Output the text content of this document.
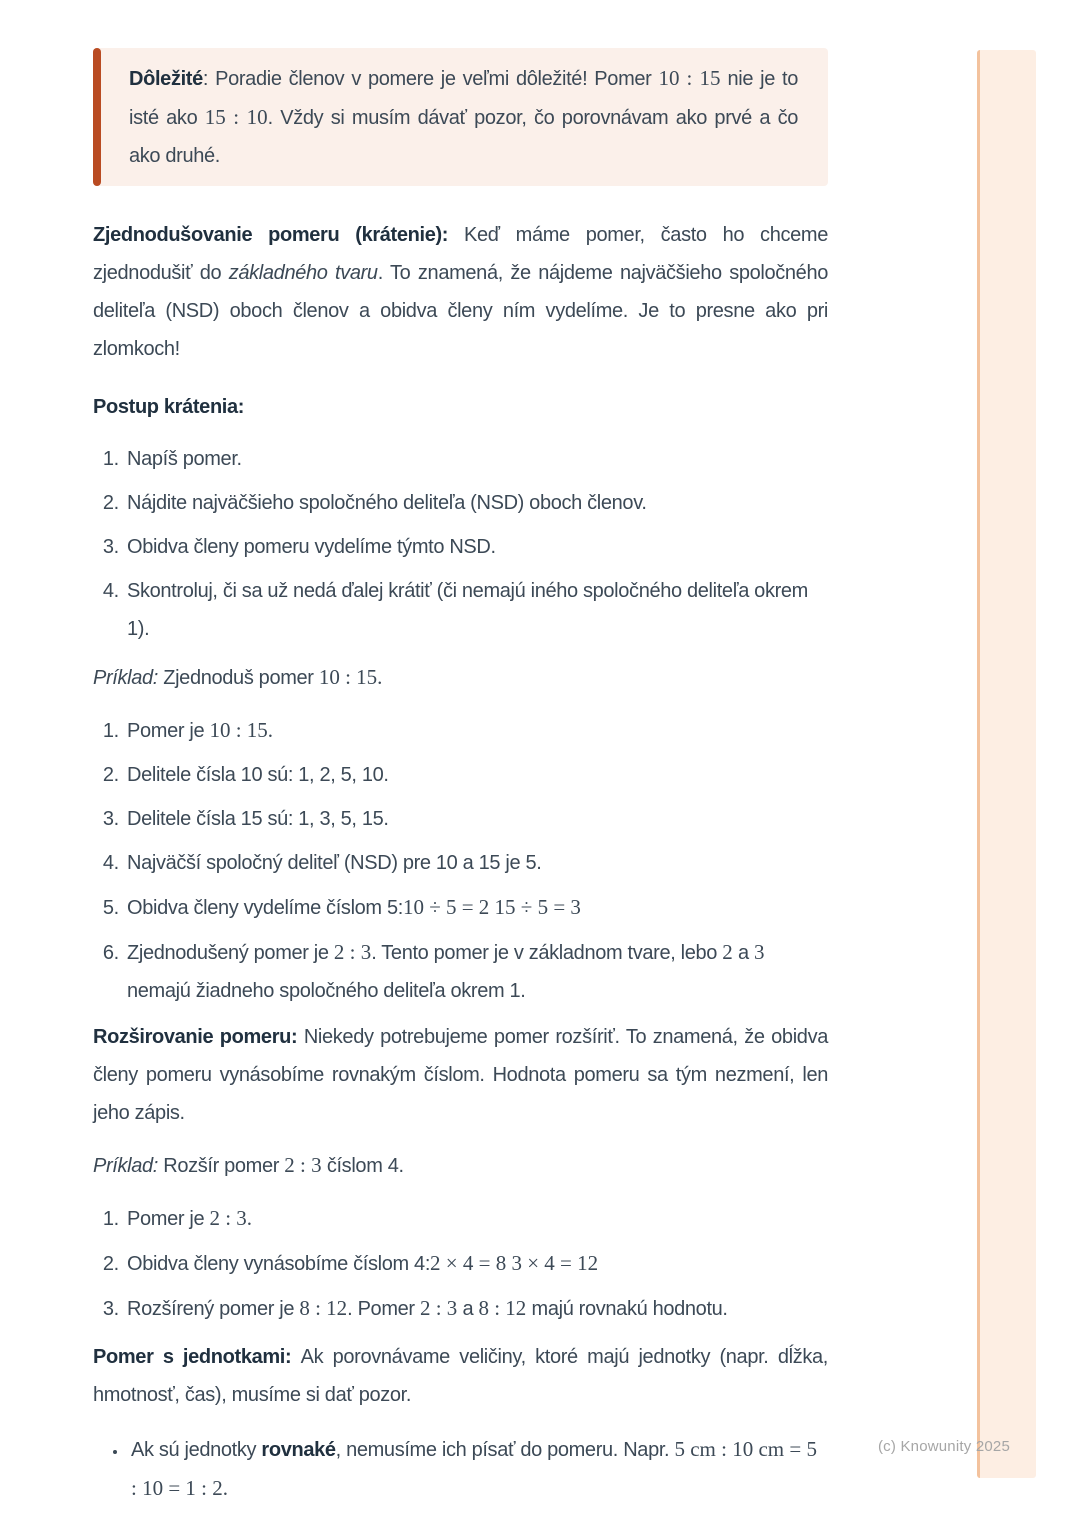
(c) Knowunity 2025
Dôležité: Poradie členov v pomere je veľmi dôležité! Pomer 10 : 15 nie je to isté ako 15 : 10. Vždy si musím dávať pozor, čo porovnávam ako prvé a čo ako druhé.
Zjednodušovanie pomeru (krátenie): Keď máme pomer, často ho chceme zjednodušiť do základného tvaru. To znamená, že nájdeme najväčšieho spoločného deliteľa (NSD) oboch členov a obidva členy ním vydelíme. Je to presne ako pri zlomkoch!
Postup krátenia:
1. Napíš pomer.
2. Nájdite najväčšieho spoločného deliteľa (NSD) oboch členov.
3. Obidva členy pomeru vydelíme týmto NSD.
4. Skontroluj, či sa už nedá ďalej krátiť (či nemajú iného spoločného deliteľa okrem 1).
Príklad: Zjednoduš pomer 10 : 15.
1. Pomer je 10 : 15.
2. Delitele čísla 10 sú: 1, 2, 5, 10.
3. Delitele čísla 15 sú: 1, 3, 5, 15.
4. Najväčší spoločný deliteľ (NSD) pre 10 a 15 je 5.
5. Obidva členy vydelíme číslom 5:10 ÷ 5 = 2 15 ÷ 5 = 3
6. Zjednodušený pomer je 2 : 3. Tento pomer je v základnom tvare, lebo 2 a 3 nemajú žiadneho spoločného deliteľa okrem 1.
Rozširovanie pomeru: Niekedy potrebujeme pomer rozšíriť. To znamená, že obidva členy pomeru vynásobíme rovnakým číslom. Hodnota pomeru sa tým nezmení, len jeho zápis.
Príklad: Rozšír pomer 2 : 3 číslom 4.
1. Pomer je 2 : 3.
2. Obidva členy vynásobíme číslom 4:2 × 4 = 8 3 × 4 = 12
3. Rozšírený pomer je 8 : 12. Pomer 2 : 3 a 8 : 12 majú rovnakú hodnotu.
Pomer s jednotkami: Ak porovnávame veličiny, ktoré majú jednotky (napr. dĺžka, hmotnosť, čas), musíme si dať pozor.
• Ak sú jednotky rovnaké, nemusíme ich písať do pomeru. Napr. 5 cm : 10 cm = 5 : 10 = 1 : 2.
